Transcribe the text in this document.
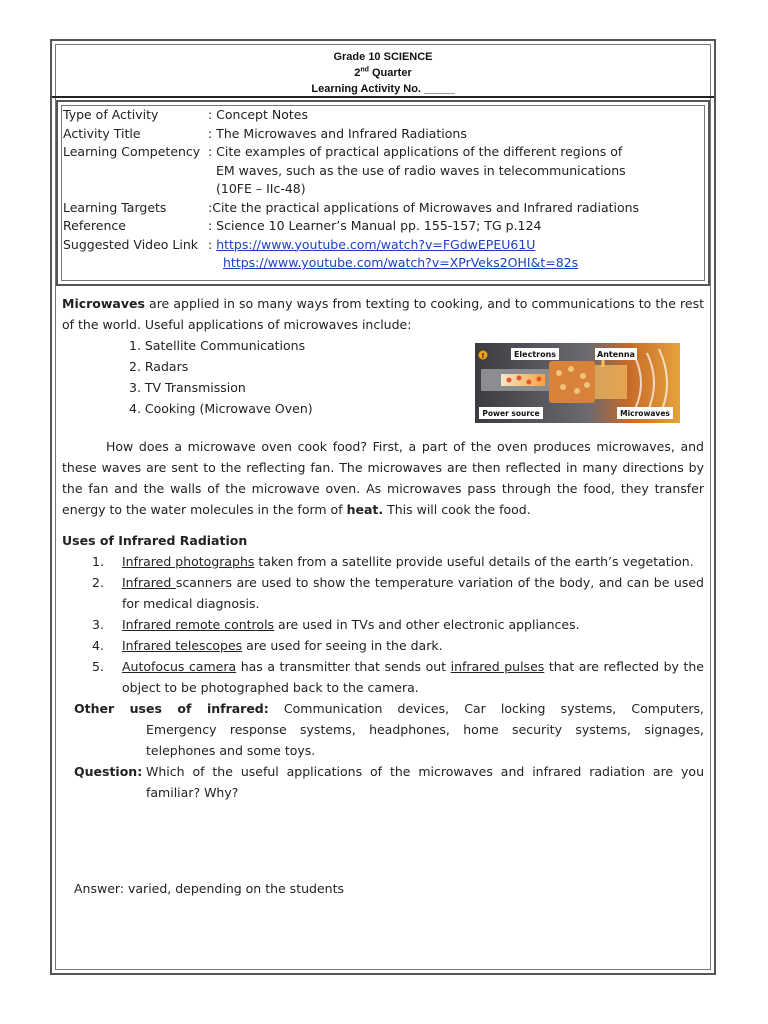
Grade 10 SCIENCE
2nd Quarter
Learning Activity No. _____
Type of Activity	: Concept Notes
Activity Title	: The Microwaves and Infrared Radiations
Learning Competency : Cite examples of practical applications of the different regions of
EM waves, such as the use of radio waves in telecommunications
(10FE – IIc-48)
Learning Targets	:Cite the practical applications of Microwaves and Infrared radiations
Reference	: Science 10 Learner’s Manual pp. 155-157; TG p.124
Suggested Video Link : https://www.youtube.com/watch?v=FGdwEPEU61U
https://www.youtube.com/watch?v=XPrVeks2OHI&t=82s
Microwaves are applied in so many ways from texting to cooking, and to communications to the rest of the world. Useful applications of microwaves include:
1. Satellite Communications
2. Radars
3. TV Transmission
4. Cooking (Microwave Oven)
How does a microwave oven cook food? First, a part of the oven produces microwaves, and these waves are sent to the reflecting fan. The microwaves are then reflected in many directions by the fan and the walls of the microwave oven. As microwaves pass through the food, they transfer energy to the water molecules in the form of heat. This will cook the food.
Uses of Infrared Radiation
1.	Infrared photographs taken from a satellite provide useful details of the earth’s vegetation.
2.	Infrared scanners are used to show the temperature variation of the body, and can be used for medical diagnosis.
3.	Infrared remote controls are used in TVs and other electronic appliances.
4.	Infrared telescopes are used for seeing in the dark.
5.	Autofocus camera has a transmitter that sends out infrared pulses that are reflected by the object to be photographed back to the camera.
Other uses of infrared: Communication devices, Car locking systems, Computers,
Emergency response systems, headphones, home security systems, signages, telephones and some toys.
Question: Which of the useful applications of the microwaves and infrared radiation are you familiar? Why?
Answer: varied, depending on the students
!	Electrons	Antenna
Power source	Microwaves
